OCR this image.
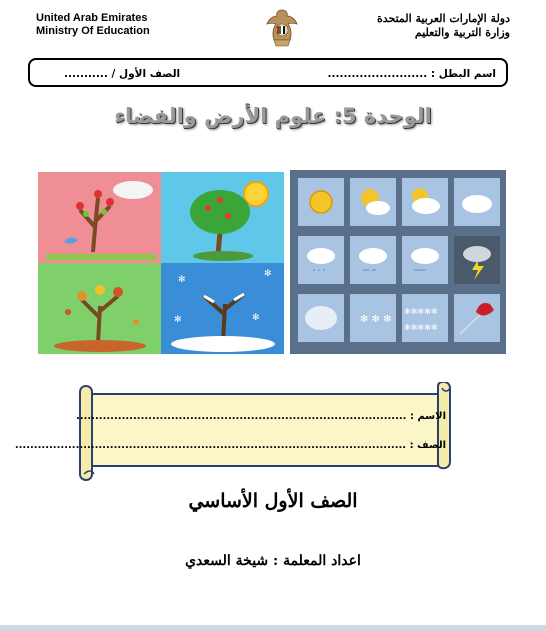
United Arab Emirates
Ministry Of Education
دولة الإمارات العربية المتحدة
وزارة التربية والتعليم
اسم البطل : .........................
الصف الأول / ...........
الوحدة 5: علوم الأرض والفضاء
✻
✻
✻
✻
′ ′ ′	′′′ ′′	′′′′′′
✻ ✻ ✻
✻✻✻✻✻
✻✻✻✻✻
الاسم : .......................................................................................
الصف : .......................................................................................................
الصف الأول الأساسي
اعداد المعلمة : شيخة السعدي
